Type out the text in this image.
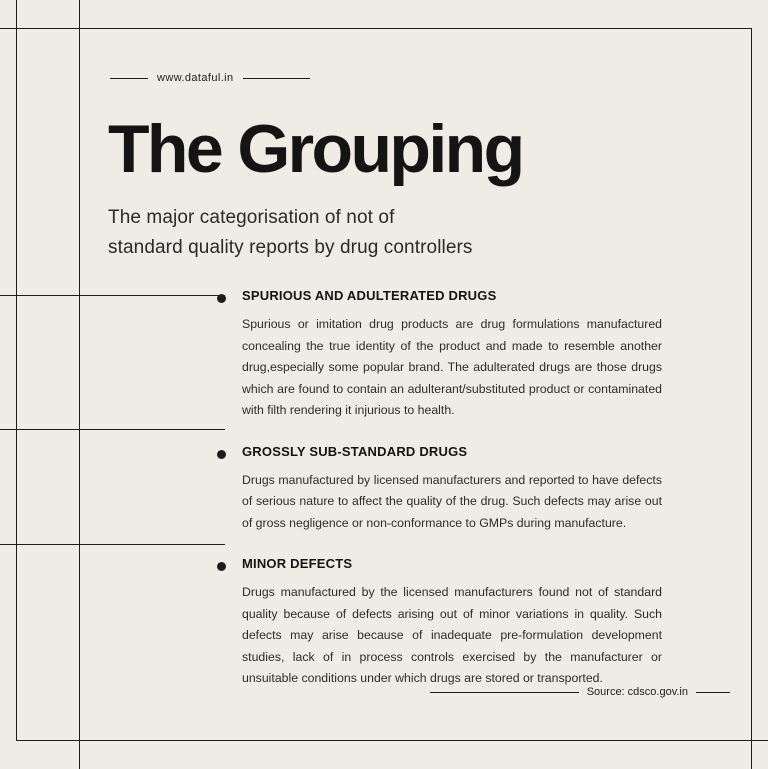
www.dataful.in
The Grouping
The major categorisation of not of
standard quality reports by drug controllers
SPURIOUS AND ADULTERATED DRUGS
Spurious or imitation drug products are drug formulations manufactured concealing the true identity of the product and made to resemble another drug,especially some popular brand. The adulterated drugs are those drugs which are found to contain an adulterant/substituted product or contaminated with filth rendering it injurious to health.
GROSSLY SUB-STANDARD DRUGS
Drugs manufactured by licensed manufacturers and reported to have defects of serious nature to affect the quality of the drug. Such defects may arise out of gross negligence or non-conformance to GMPs during manufacture.
MINOR DEFECTS
Drugs manufactured by the licensed manufacturers found not of standard quality because of defects arising out of minor variations in quality. Such defects may arise because of inadequate pre-formulation development studies, lack of in process controls exercised by the manufacturer or unsuitable conditions under which drugs are stored or transported.
Source: cdsco.gov.in
